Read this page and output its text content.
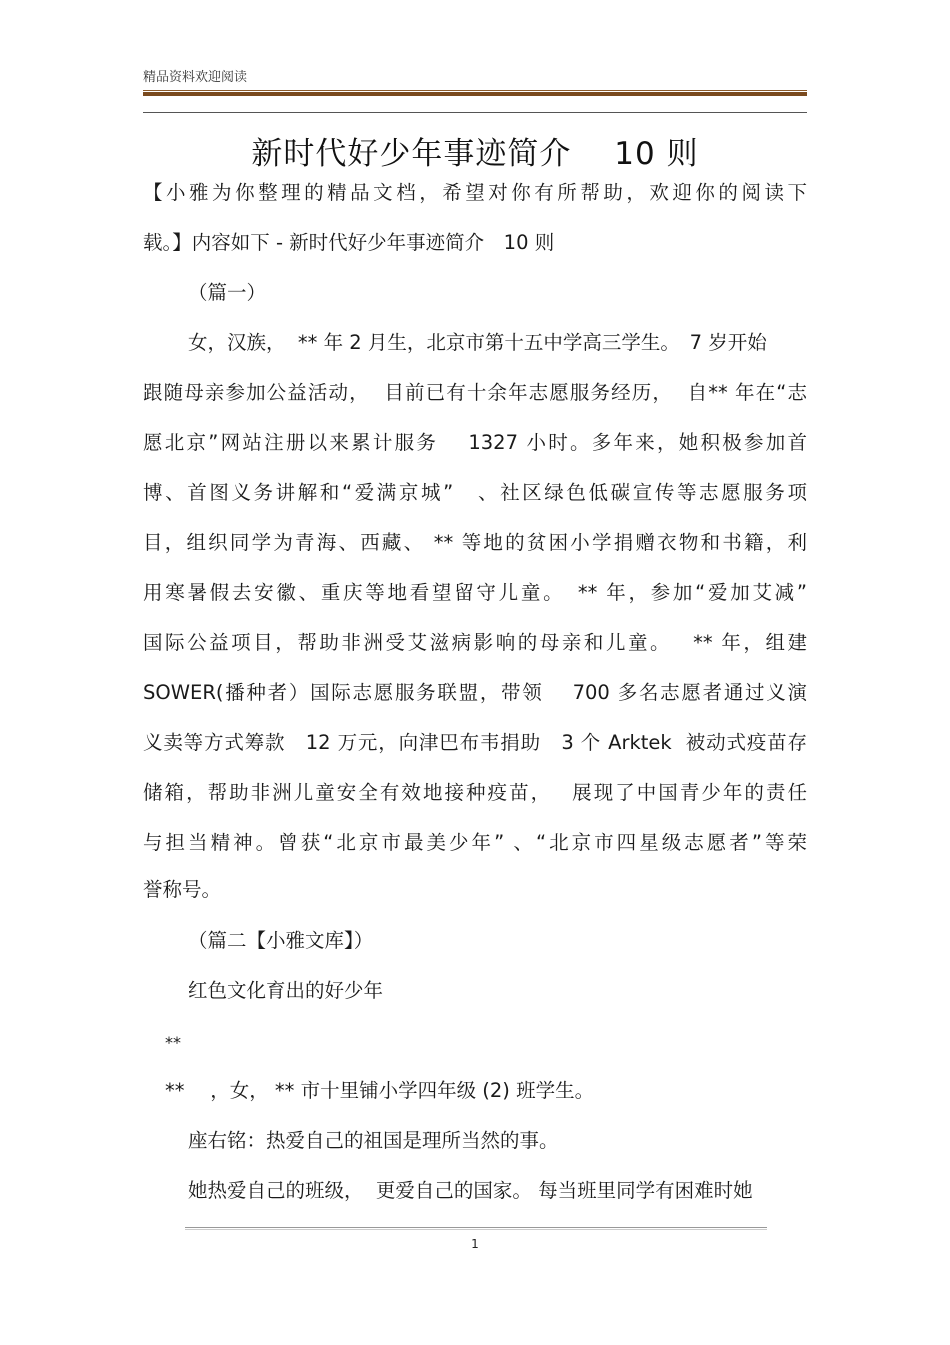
精品资料欢迎阅读
新时代好少年事迹简介　 10 则
【小雅为你整理的精品文档，希望对你有所帮助，欢迎你的阅读下
载。】内容如下 - 新时代好少年事迹简介　10 则
（篇一）
女，汉族，  ** 年 2 月生，北京市第十五中学高三学生。　7 岁开始
跟随母亲参加公益活动，  目前已有十余年志愿服务经历，  自** 年在“志
愿北京”网站注册以来累计服务　 1327 小时。多年来，她积极参加首
博、首图义务讲解和“爱满京城”　、社区绿色低碳宣传等志愿服务项
目，组织同学为青海、西藏、 ** 等地的贫困小学捐赠衣物和书籍，利
用寒暑假去安徽、重庆等地看望留守儿童。　** 年，参加“爱加艾减”
国际公益项目，帮助非洲受艾滋病影响的母亲和儿童。　 ** 年，组建
SOWER(播种者）国际志愿服务联盟，带领　 700 多名志愿者通过义演
义卖等方式筹款　12 万元，向津巴布韦捐助　3 个 Arktek  被动式疫苗存
储箱，帮助非洲儿童安全有效地接种疫苗，　 展现了中国青少年的责任
与担当精神。曾获“北京市最美少年” 、“北京市四星级志愿者”等荣
誉称号。
（篇二【小雅文库】）
红色文化育出的好少年
**
**　 ，女， ** 市十里铺小学四年级 (2) 班学生。
座右铭：热爱自己的祖国是理所当然的事。
她热爱自己的班级，  更爱自己的国家。 每当班里同学有困难时她
1
